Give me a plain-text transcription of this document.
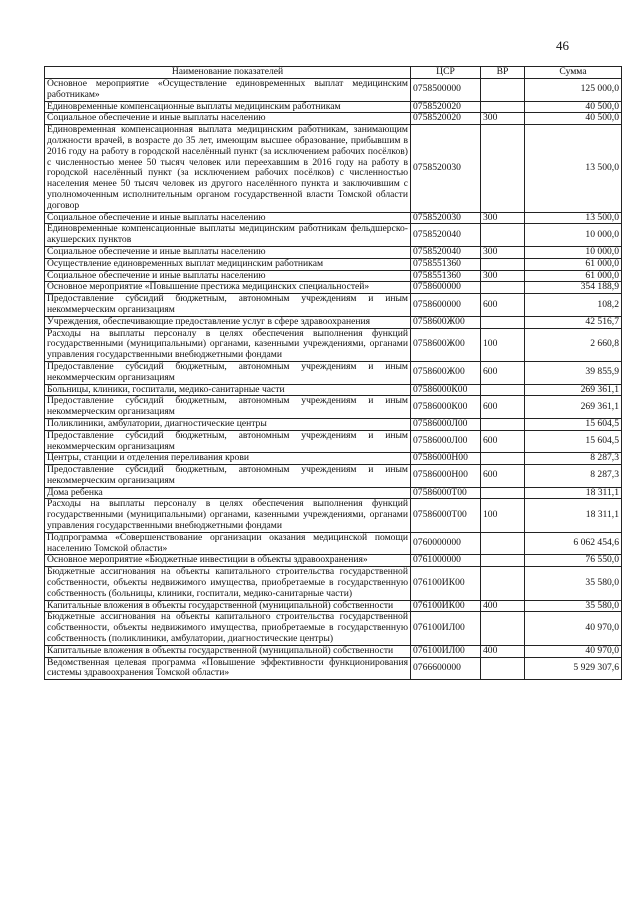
46
Наименование показателей	ЦСР	ВР	Сумма
Основное мероприятие «Осуществление единовременных выплат медицинским работникам»	0758500000		125 000,0
Единовременные компенсационные выплаты медицинским работникам	0758520020		40 500,0
Социальное обеспечение и иные выплаты населению	0758520020	300	40 500,0
Единовременная компенсационная выплата медицинским работникам, занимающим должности врачей, в возрасте до 35 лет, имеющим высшее образование, прибывшим в 2016 году на работу в городской населённый пункт (за исключением рабочих посёлков) с численностью менее 50 тысяч человек или переехавшим в 2016 году на работу в городской населённый пункт (за исключением рабочих посёлков) с численностью населения менее 50 тысяч человек из другого населённого пункта и заключившим с уполномоченным исполнительным органом государственной власти Томской области договор	0758520030		13 500,0
Социальное обеспечение и иные выплаты населению	0758520030	300	13 500,0
Единовременные компенсационные выплаты медицинским работникам фельдшерско-акушерских пунктов	0758520040		10 000,0
Социальное обеспечение и иные выплаты населению	0758520040	300	10 000,0
Осуществление единовременных выплат медицинским работникам	0758551360		61 000,0
Социальное обеспечение и иные выплаты населению	0758551360	300	61 000,0
Основное мероприятие «Повышение престижа медицинских специальностей»	0758600000		354 188,9
Предоставление субсидий бюджетным, автономным учреждениям и иным некоммерческим организациям	0758600000	600	108,2
Учреждения, обеспечивающие предоставление услуг в сфере здравоохранения	0758600Ж00		42 516,7
Расходы на выплаты персоналу в целях обеспечения выполнения функций государственными (муниципальными) органами, казенными учреждениями, органами управления государственными внебюджетными фондами	0758600Ж00	100	2 660,8
Предоставление субсидий бюджетным, автономным учреждениям и иным некоммерческим организациям	0758600Ж00	600	39 855,9
Больницы, клиники, госпитали, медико-санитарные части	07586000К00		269 361,1
Предоставление субсидий бюджетным, автономным учреждениям и иным некоммерческим организациям	07586000К00	600	269 361,1
Поликлиники, амбулатории, диагностические центры	07586000Л00		15 604,5
Предоставление субсидий бюджетным, автономным учреждениям и иным некоммерческим организациям	07586000Л00	600	15 604,5
Центры, станции и отделения переливания крови	07586000Н00		8 287,3
Предоставление субсидий бюджетным, автономным учреждениям и иным некоммерческим организациям	07586000Н00	600	8 287,3
Дома ребенка	07586000Т00		18 311,1
Расходы на выплаты персоналу в целях обеспечения выполнения функций государственными (муниципальными) органами, казенными учреждениями, органами управления государственными внебюджетными фондами	07586000Т00	100	18 311,1
Подпрограмма «Совершенствование организации оказания медицинской помощи населению Томской области»	0760000000		6 062 454,6
Основное мероприятие «Бюджетные инвестиции в объекты здравоохранения»	0761000000		76 550,0
Бюджетные ассигнования на объекты капитального строительства государственной собственности, объекты недвижимого имущества, приобретаемые в государственную собственность (больницы, клиники, госпитали, медико-санитарные части)	076100ИК00		35 580,0
Капитальные вложения в объекты государственной (муниципальной) собственности	076100ИК00	400	35 580,0
Бюджетные ассигнования на объекты капитального строительства государственной собственности, объекты недвижимого имущества, приобретаемые в государственную собственность (поликлиники, амбулатории, диагностические центры)	076100ИЛ00		40 970,0
Капитальные вложения в объекты государственной (муниципальной) собственности	076100ИЛ00	400	40 970,0
Ведомственная целевая программа «Повышение эффективности функционирования системы здравоохранения Томской области»	0766600000		5 929 307,6
